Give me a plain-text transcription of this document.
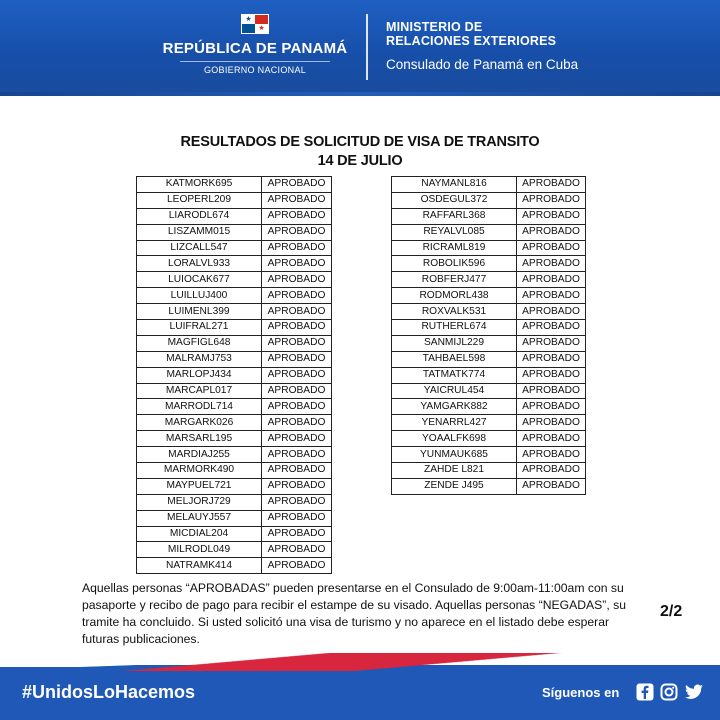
★
★
REPÚBLICA DE PANAMÁ
GOBIERNO NACIONAL
MINISTERIO DE
RELACIONES EXTERIORES
Consulado de Panamá en Cuba
RESULTADOS DE SOLICITUD DE VISA DE TRANSITO
14 DE JULIO
KATMORK695	APROBADO
LEOPERL209	APROBADO
LIARODL674	APROBADO
LISZAMM015	APROBADO
LIZCALL547	APROBADO
LORALVL933	APROBADO
LUIOCAK677	APROBADO
LUILLUJ400	APROBADO
LUIMENL399	APROBADO
LUIFRAL271	APROBADO
MAGFIGL648	APROBADO
MALRAMJ753	APROBADO
MARLOPJ434	APROBADO
MARCAPL017	APROBADO
MARRODL714	APROBADO
MARGARK026	APROBADO
MARSARL195	APROBADO
MARDIAJ255	APROBADO
MARMORK490	APROBADO
MAYPUEL721	APROBADO
MELJORJ729	APROBADO
MELAUYJ557	APROBADO
MICDIAL204	APROBADO
MILRODL049	APROBADO
NATRAMK414	APROBADO
NAYMANL816	APROBADO
OSDEGUL372	APROBADO
RAFFARL368	APROBADO
REYALVL085	APROBADO
RICRAML819	APROBADO
ROBOLIK596	APROBADO
ROBFERJ477	APROBADO
RODMORL438	APROBADO
ROXVALK531	APROBADO
RUTHERL674	APROBADO
SANMIJL229	APROBADO
TAHBAEL598	APROBADO
TATMATK774	APROBADO
YAICRUL454	APROBADO
YAMGARK882	APROBADO
YENARRL427	APROBADO
YOAALFK698	APROBADO
YUNMAUK685	APROBADO
ZAHDE L821	APROBADO
ZENDE J495	APROBADO
Aquellas personas “APROBADAS” pueden presentarse en el Consulado de 9:00am-11:00am con su pasaporte y recibo de pago para recibir el estampe de su visado. Aquellas personas “NEGADAS”, su tramite ha concluido. Si usted solicitó una visa de turismo y no aparece en el listado debe esperar futuras publicaciones.
2/2
#UnidosLoHacemos	Síguenos en
